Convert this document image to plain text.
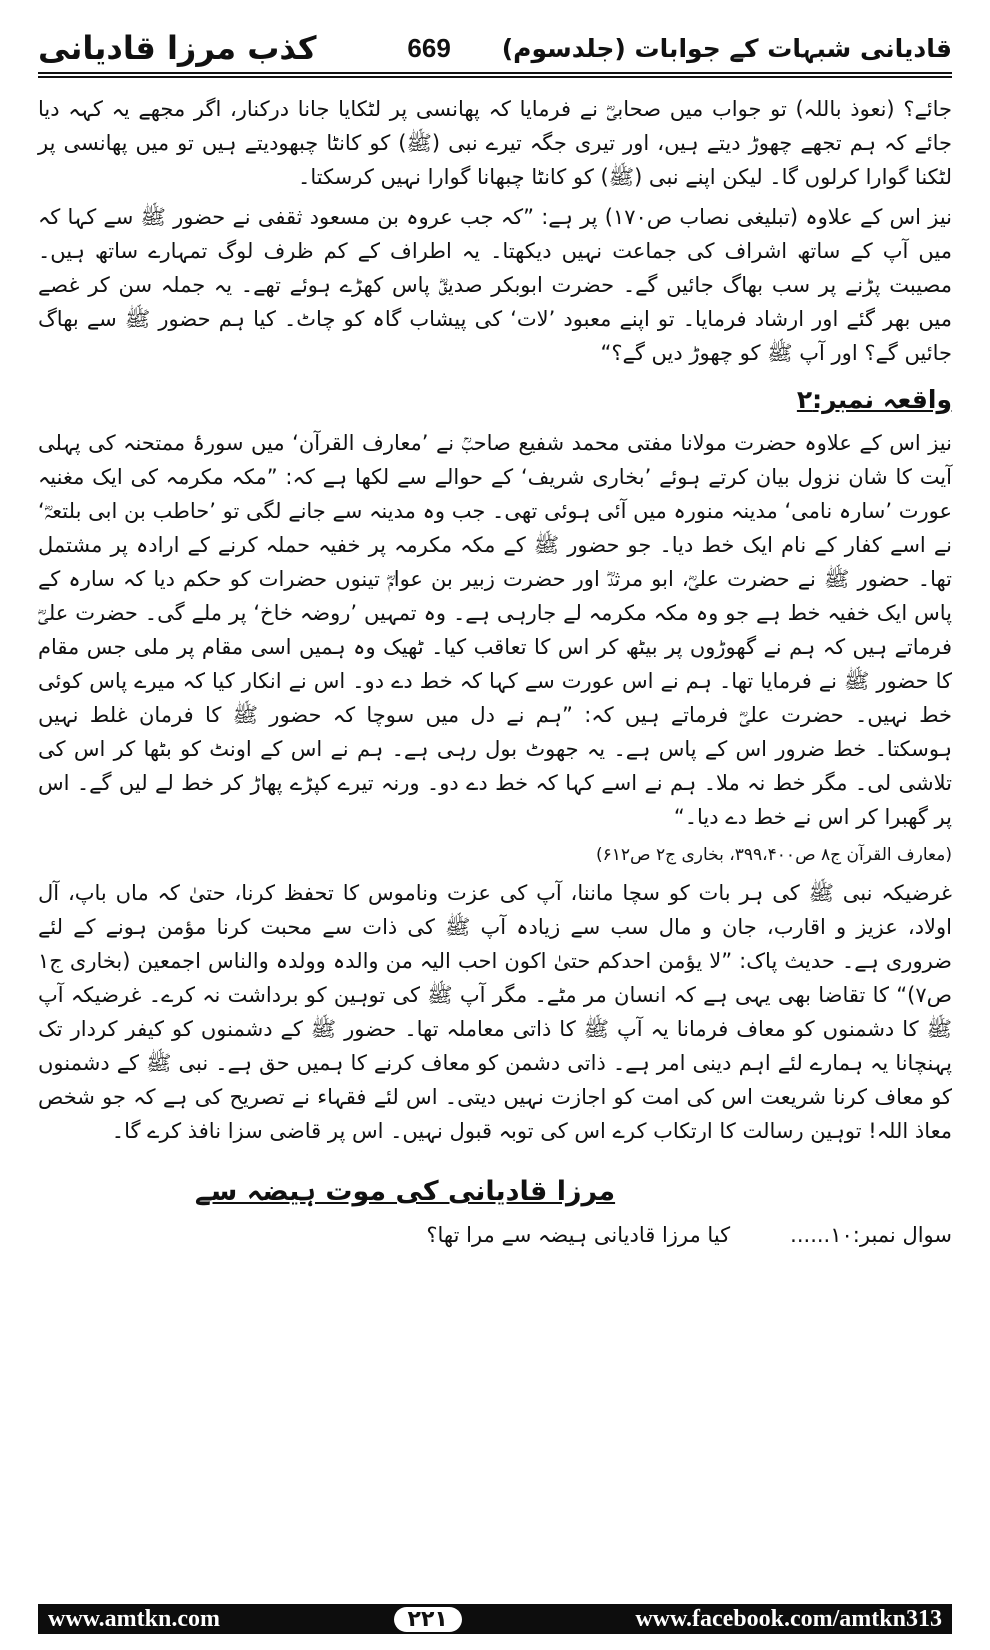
کذب مرزا قادیانی	669 قادیانی شبہات کے جوابات (جلدسوم)

جائے؟ (نعوذ باللہ) تو جواب میں صحابیؓ نے فرمایا کہ پھانسی پر لٹکایا جانا درکنار، اگر مجھے یہ کہہ دیا جائے کہ ہم تجھے چھوڑ دیتے ہیں، اور تیری جگہ تیرے نبی (ﷺ) کو کانٹا چبھودیتے ہیں تو میں پھانسی پر لٹکنا گوارا کرلوں گا۔ لیکن اپنے نبی (ﷺ) کو کانٹا چبھانا گوارا نہیں کرسکتا۔

نیز اس کے علاوہ (تبلیغی نصاب ص۱۷۰) پر ہے: ”کہ جب عروہ بن مسعود ثقفی نے حضور ﷺ سے کہا کہ میں آپ کے ساتھ اشراف کی جماعت نہیں دیکھتا۔ یہ اطراف کے کم ظرف لوگ تمہارے ساتھ ہیں۔ مصیبت پڑنے پر سب بھاگ جائیں گے۔ حضرت ابوبکر صدیقؓ پاس کھڑے ہوئے تھے۔ یہ جملہ سن کر غصے میں بھر گئے اور ارشاد فرمایا۔ تو اپنے معبود ’لات‘ کی پیشاب گاہ کو چاٹ۔ کیا ہم حضور ﷺ سے بھاگ جائیں گے؟ اور آپ ﷺ کو چھوڑ دیں گے؟“

واقعہ نمبر:۲

نیز اس کے علاوہ حضرت مولانا مفتی محمد شفیع صاحبؒ نے ’معارف القرآن‘ میں سورۂ ممتحنہ کی پہلی آیت کا شان نزول بیان کرتے ہوئے ’بخاری شریف‘ کے حوالے سے لکھا ہے کہ: ”مکہ مکرمہ کی ایک مغنیہ عورت ’سارہ نامی‘ مدینہ منورہ میں آئی ہوئی تھی۔ جب وہ مدینہ سے جانے لگی تو ’حاطب بن ابی بلتعہؓ‘ نے اسے کفار کے نام ایک خط دیا۔ جو حضور ﷺ کے مکہ مکرمہ پر خفیہ حملہ کرنے کے ارادہ پر مشتمل تھا۔ حضور ﷺ نے حضرت علیؓ، ابو مرثدؓ اور حضرت زبیر بن عوامؓ تینوں حضرات کو حکم دیا کہ سارہ کے پاس ایک خفیہ خط ہے جو وہ مکہ مکرمہ لے جارہی ہے۔ وہ تمہیں ’روضہ خاخ‘ پر ملے گی۔ حضرت علیؓ فرماتے ہیں کہ ہم نے گھوڑوں پر بیٹھ کر اس کا تعاقب کیا۔ ٹھیک وہ ہمیں اسی مقام پر ملی جس مقام کا حضور ﷺ نے فرمایا تھا۔ ہم نے اس عورت سے کہا کہ خط دے دو۔ اس نے انکار کیا کہ میرے پاس کوئی خط نہیں۔ حضرت علیؓ فرماتے ہیں کہ: ”ہم نے دل میں سوچا کہ حضور ﷺ کا فرمان غلط نہیں ہوسکتا۔ خط ضرور اس کے پاس ہے۔ یہ جھوٹ بول رہی ہے۔ ہم نے اس کے اونٹ کو بٹھا کر اس کی تلاشی لی۔ مگر خط نہ ملا۔ ہم نے اسے کہا کہ خط دے دو۔ ورنہ تیرے کپڑے پھاڑ کر خط لے لیں گے۔ اس پر گھبرا کر اس نے خط دے دیا۔“

(معارف القرآن ج۸ ص۳۹۹،۴۰۰، بخاری ج۲ ص۶۱۲)

غرضیکہ نبی ﷺ کی ہر بات کو سچا ماننا، آپ کی عزت وناموس کا تحفظ کرنا، حتیٰ کہ ماں باپ، آل اولاد، عزیز و اقارب، جان و مال سب سے زیادہ آپ ﷺ کی ذات سے محبت کرنا مؤمن ہونے کے لئے ضروری ہے۔ حدیث پاک: ”لا یؤمن احدکم حتیٰ اکون احب الیہ من والدہ وولدہ والناس اجمعین (بخاری ج۱ ص۷)“ کا تقاضا بھی یہی ہے کہ انسان مر مٹے۔ مگر آپ ﷺ کی توہین کو برداشت نہ کرے۔ غرضیکہ آپ ﷺ کا دشمنوں کو معاف فرمانا یہ آپ ﷺ کا ذاتی معاملہ تھا۔ حضور ﷺ کے دشمنوں کو کیفر کردار تک پہنچانا یہ ہمارے لئے اہم دینی امر ہے۔ ذاتی دشمن کو معاف کرنے کا ہمیں حق ہے۔ نبی ﷺ کے دشمنوں کو معاف کرنا شریعت اس کی امت کو اجازت نہیں دیتی۔ اس لئے فقہاء نے تصریح کی ہے کہ جو شخص معاذ اللہ! توہین رسالت کا ارتکاب کرے اس کی توبہ قبول نہیں۔ اس پر قاضی سزا نافذ کرے گا۔

مرزا قادیانی کی موت ہیضہ سے
سوال نمبر:۱۰......
کیا مرزا قادیانی ہیضہ سے مرا تھا؟
www.amtkn.com	۲۲۱	www.facebook.com/amtkn313
